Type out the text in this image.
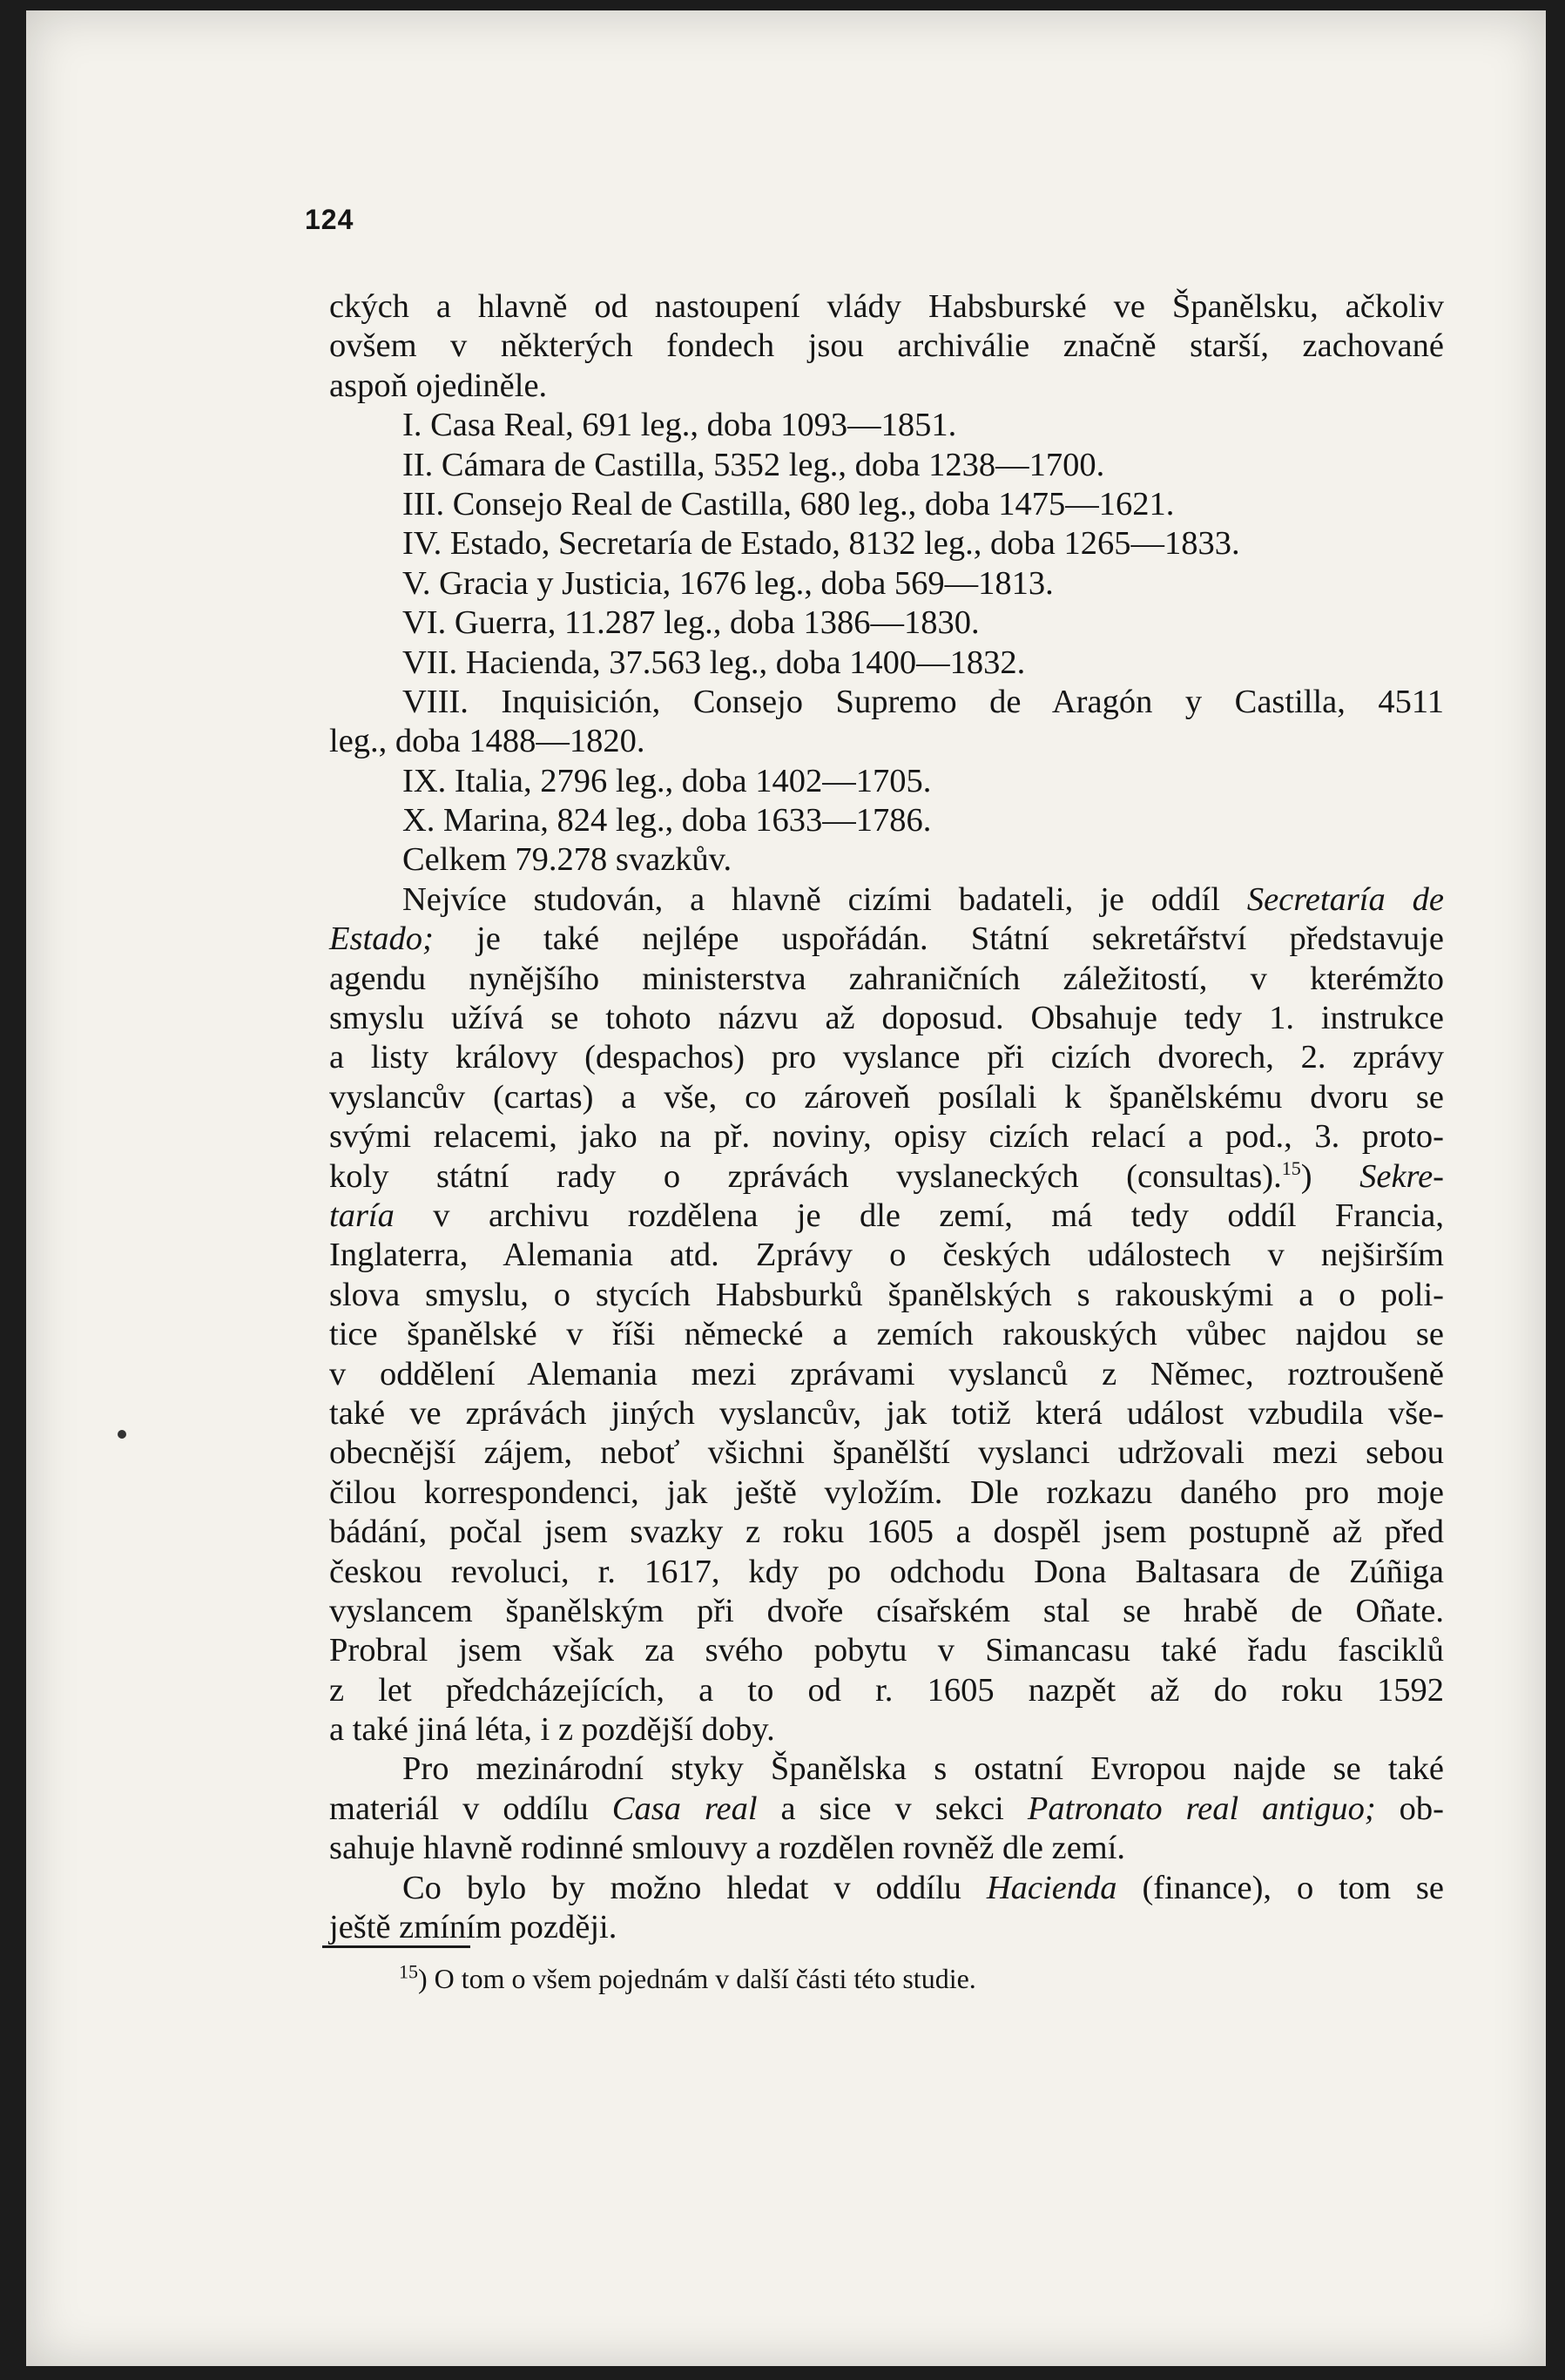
124
ckých a hlavně od nastoupení vlády Habsburské ve Španělsku, ačkoliv
ovšem v některých fondech jsou archiválie značně starší, zachované
aspoň ojediněle.
I. Casa Real, 691 leg., doba 1093—1851.
II. Cámara de Castilla, 5352 leg., doba 1238—1700.
III. Consejo Real de Castilla, 680 leg., doba 1475—1621.
IV. Estado, Secretaría de Estado, 8132 leg., doba 1265—1833.
V. Gracia y Justicia, 1676 leg., doba 569—1813.
VI. Guerra, 11.287 leg., doba 1386—1830.
VII. Hacienda, 37.563 leg., doba 1400—1832.
VIII. Inquisición, Consejo Supremo de Aragón y Castilla, 4511
leg., doba 1488—1820.
IX. Italia, 2796 leg., doba 1402—1705.
X. Marina, 824 leg., doba 1633—1786.
Celkem 79.278 svazkův.
Nejvíce studován, a hlavně cizími badateli, je oddíl Secretaría de
Estado; je také nejlépe uspořádán. Státní sekretářství představuje
agendu nynějšího ministerstva zahraničních záležitostí, v kterémžto
smyslu užívá se tohoto názvu až doposud. Obsahuje tedy 1. instrukce
a listy královy (despachos) pro vyslance při cizích dvorech, 2. zprávy
vyslancův (cartas) a vše, co zároveň posílali k španělskému dvoru se
svými relacemi, jako na př. noviny, opisy cizích relací a pod., 3. proto-
koly státní rady o zprávách vyslaneckých (consultas).$^{15}$) Sekre-
taría v archivu rozdělena je dle zemí, má tedy oddíl Francia,
Inglaterra, Alemania atd. Zprávy o českých událostech v nejširším
slova smyslu, o stycích Habsburků španělských s rakouskými a o poli-
tice španělské v říši německé a zemích rakouských vůbec najdou se
v oddělení Alemania mezi zprávami vyslanců z Němec, roztroušeně
také ve zprávách jiných vyslancův, jak totiž která událost vzbudila vše-
obecnější zájem, neboť všichni španělští vyslanci udržovali mezi sebou
čilou korrespondenci, jak ještě vyložím. Dle rozkazu daného pro moje
bádání, počal jsem svazky z roku 1605 a dospěl jsem postupně až před
českou revoluci, r. 1617, kdy po odchodu Dona Baltasara de Zúñiga
vyslancem španělským při dvoře císařském stal se hrabě de Oñate.
Probral jsem však za svého pobytu v Simancasu také řadu fasciklů
z let předcházejících, a to od r. 1605 nazpět až do roku 1592
a také jiná léta, i z pozdější doby.
Pro mezinárodní styky Španělska s ostatní Evropou najde se také
materiál v oddílu Casa real a sice v sekci Patronato real antiguo; ob-
sahuje hlavně rodinné smlouvy a rozdělen rovněž dle zemí.
Co bylo by možno hledat v oddílu Hacienda (finance), o tom se
ještě zmíním později.
$^{15}$) O tom o všem pojednám v další části této studie.
